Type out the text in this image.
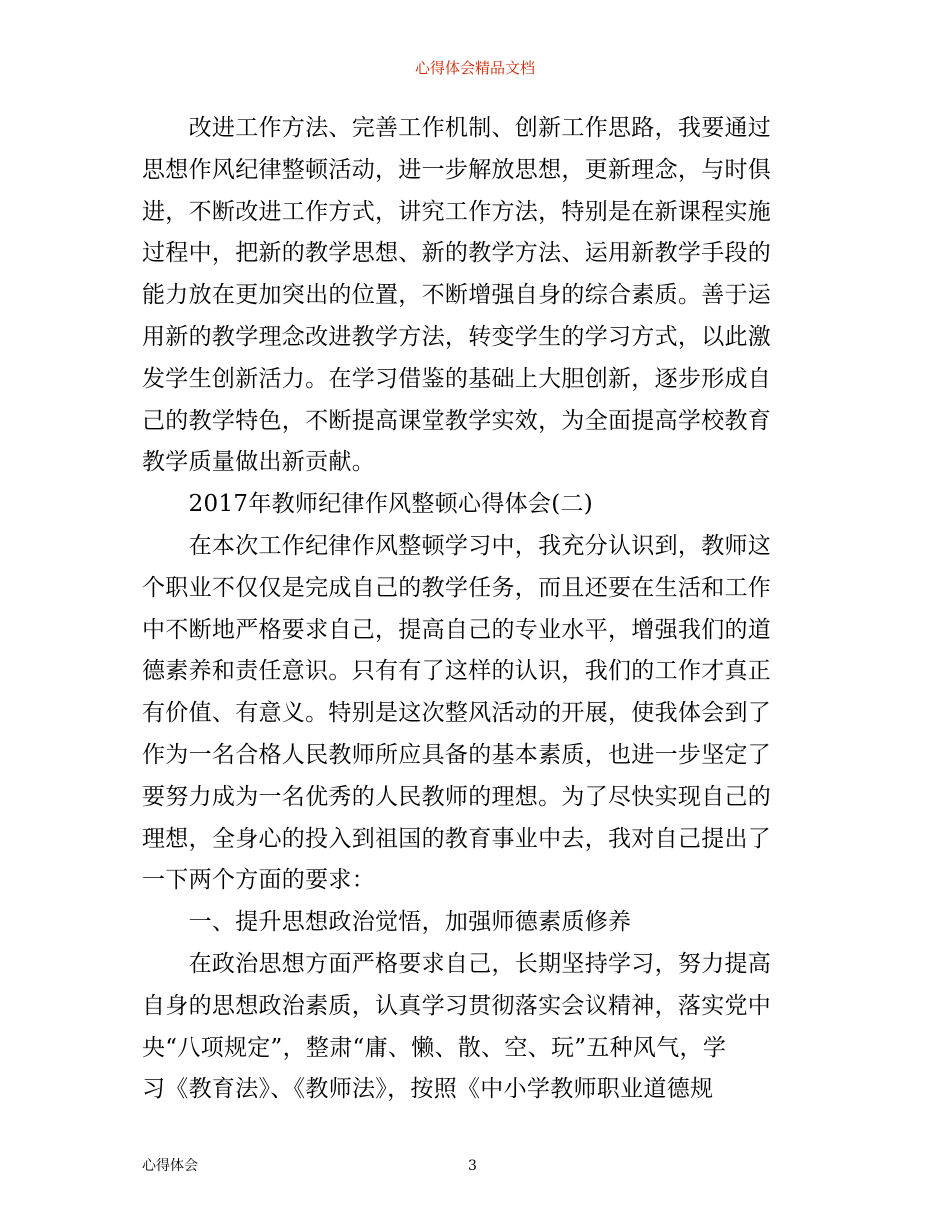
心得体会精品文档
　　改进工作方法、完善工作机制、创新工作思路，我要通过
思想作风纪律整顿活动，进一步解放思想，更新理念，与时俱
进，不断改进工作方式，讲究工作方法，特别是在新课程实施
过程中，把新的教学思想、新的教学方法、运用新教学手段的
能力放在更加突出的位置，不断增强自身的综合素质。善于运
用新的教学理念改进教学方法，转变学生的学习方式，以此激
发学生创新活力。在学习借鉴的基础上大胆创新，逐步形成自
己的教学特色，不断提高课堂教学实效，为全面提高学校教育
教学质量做出新贡献。
　　2017年教师纪律作风整顿心得体会(二)
　　在本次工作纪律作风整顿学习中，我充分认识到，教师这
个职业不仅仅是完成自己的教学任务，而且还要在生活和工作
中不断地严格要求自己，提高自己的专业水平，增强我们的道
德素养和责任意识。只有有了这样的认识，我们的工作才真正
有价值、有意义。特别是这次整风活动的开展，使我体会到了
作为一名合格人民教师所应具备的基本素质，也进一步坚定了
要努力成为一名优秀的人民教师的理想。为了尽快实现自己的
理想，全身心的投入到祖国的教育事业中去，我对自己提出了
一下两个方面的要求：
　　一、提升思想政治觉悟，加强师德素质修养
　　在政治思想方面严格要求自己，长期坚持学习，努力提高
自身的思想政治素质，认真学习贯彻落实会议精神，落实党中
央“八项规定”，整肃“庸、懒、散、空、玩”五种风气，学
习《教育法》、《教师法》，按照《中小学教师职业道德规
心得体会	3
